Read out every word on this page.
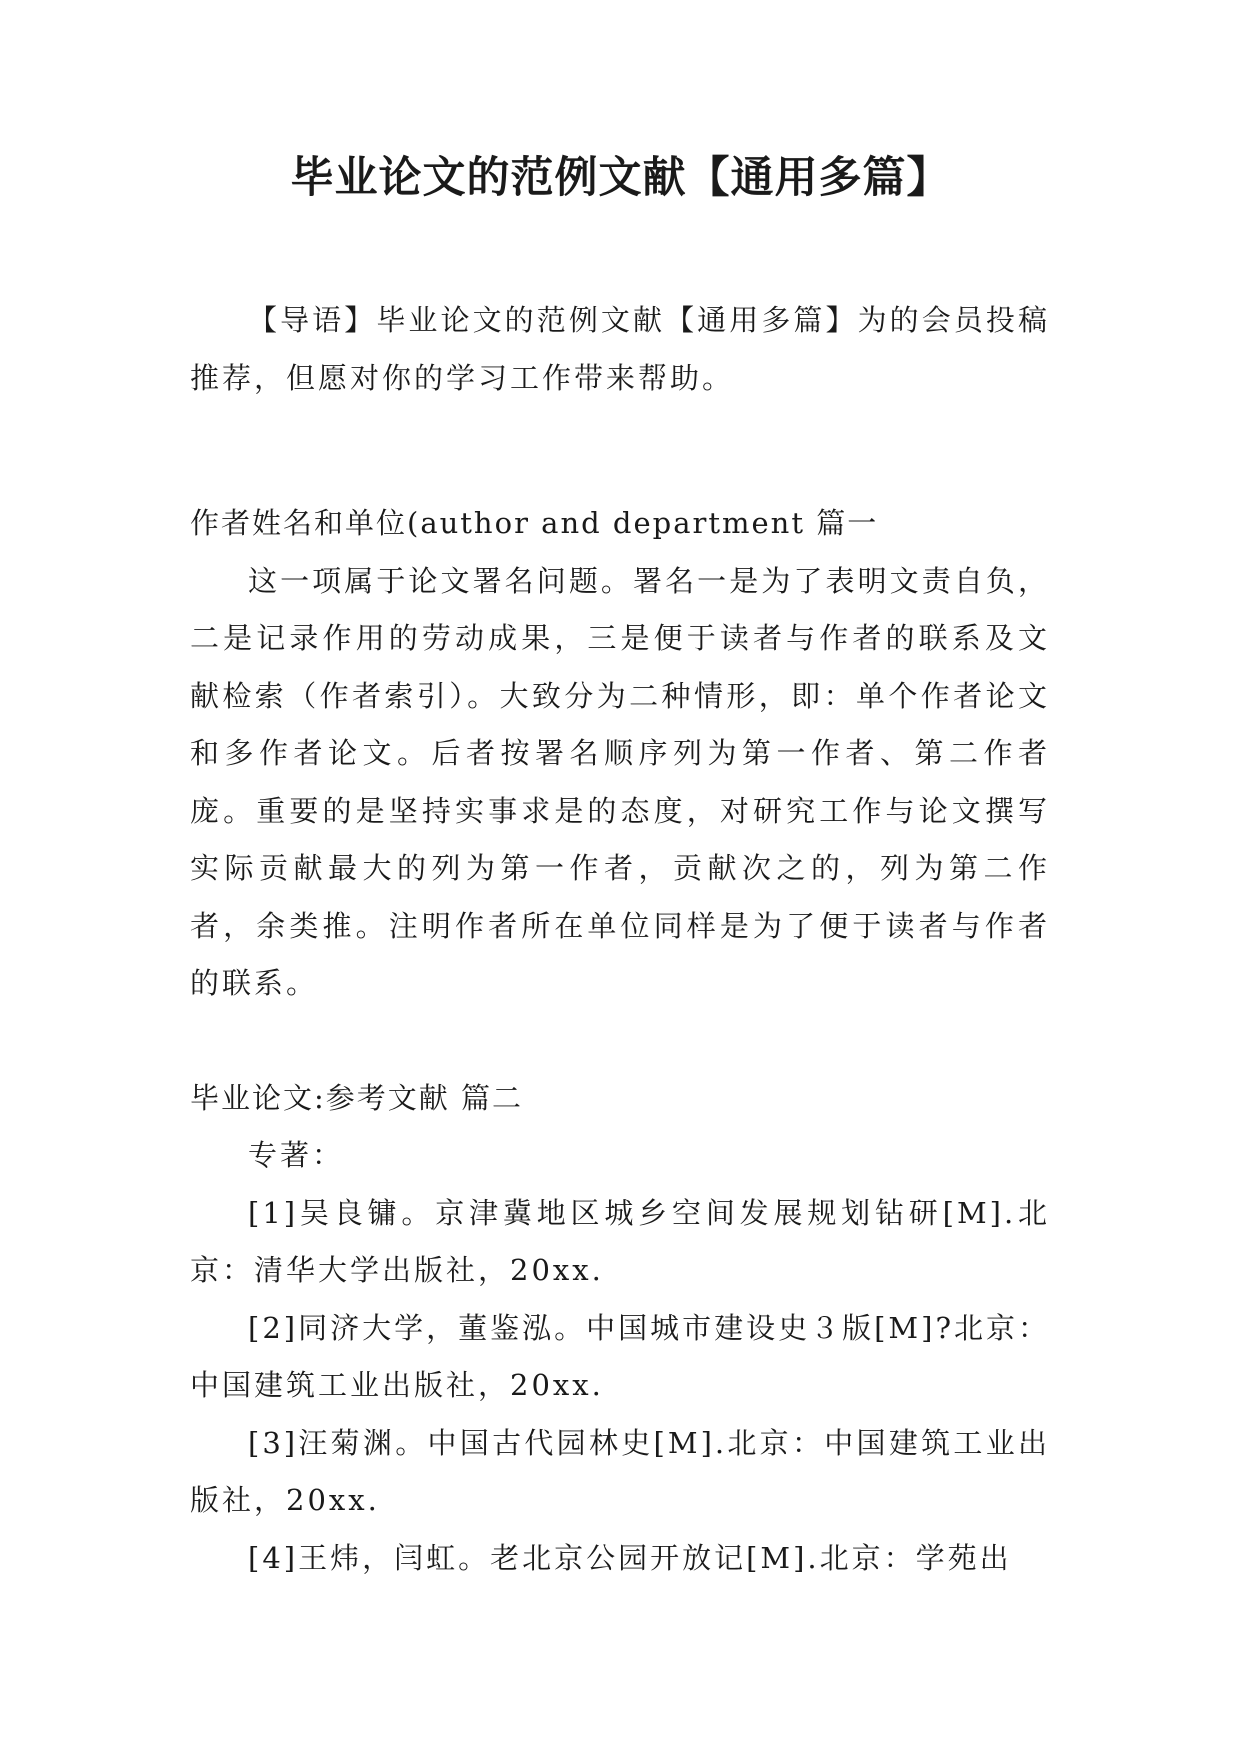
毕业论文的范例文献【通用多篇】

【导语】毕业论文的范例文献【通用多篇】为的会员投稿推荐，但愿对你的学习工作带来帮助。

作者姓名和单位(author and department 篇一

这一项属于论文署名问题。署名一是为了表明文责自负，二是记录作用的劳动成果，三是便于读者与作者的联系及文献检索（作者索引）。大致分为二种情形，即：单个作者论文和多作者论文。后者按署名顺序列为第一作者、第二作者庞。重要的是坚持实事求是的态度，对研究工作与论文撰写实际贡献最大的列为第一作者，贡献次之的，列为第二作者，余类推。注明作者所在单位同样是为了便于读者与作者的联系。

毕业论文:参考文献 篇二

专著：

[1]吴良镛。京津冀地区城乡空间发展规划钻研[M].北京：清华大学出版社，20xx.

[2]同济大学，董鉴泓。中国城市建设史３版[M]?北京：中国建筑工业出版社，20xx.

[3]汪菊渊。中国古代园林史[M].北京：中国建筑工业出版社，20xx.

[4]王炜，闫虹。老北京公园开放记[M].北京：学苑出
